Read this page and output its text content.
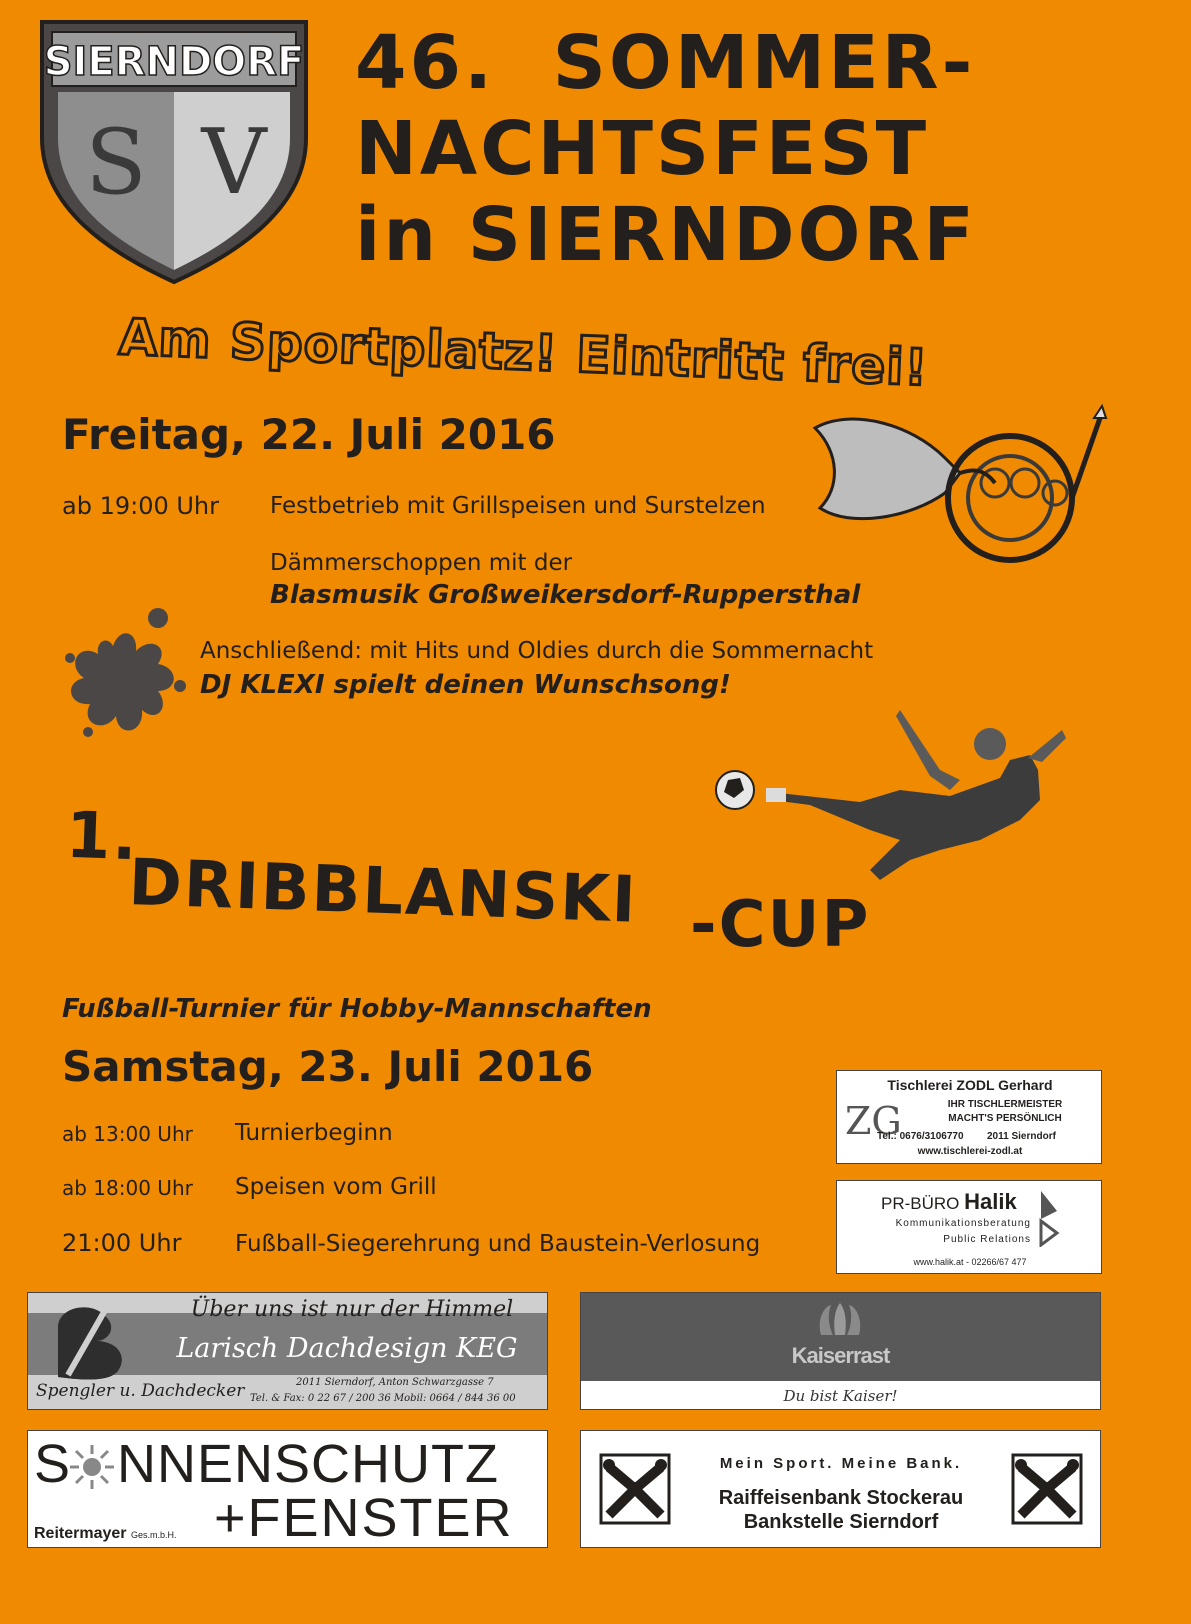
SIERNDORF
S V
46.  SOMMER-
NACHTSFEST
in SIERNDORF
Am Sportplatz! Eintritt frei!
Freitag, 22. Juli 2016
ab 19:00 Uhr Festbetrieb mit Grillspeisen und Surstelzen
Dämmerschoppen mit der
Blasmusik Großweikersdorf-Ruppersthal
Anschließend: mit Hits und Oldies durch die Sommernacht
DJ KLEXI spielt deinen Wunschsong!
1.
DRIBBLANSKI -CUP
Fußball-Turnier für Hobby-Mannschaften
Samstag, 23. Juli 2016
ab 13:00 Uhr Turnierbeginn
ab 18:00 Uhr Speisen vom Grill
21:00 Uhr Fußball-Siegerehrung und Baustein-Verlosung
Tischlerei ZODL Gerhard
ZG	IHR TISCHLERMEISTER
MACHT'S PERSÖNLICH
Tel.: 0676/3106770 2011 Sierndorf
www.tischlerei-zodl.at
PR-BÜRO Halik
Kommunikationsberatung
Public Relations
www.halik.at - 02266/67 477
Über uns ist nur der Himmel
Larisch Dachdesign KEG
Spengler u. Dachdecker	2011 Sierndorf, Anton Schwarzgasse 7
Tel. & Fax: 0 22 67 / 200 36 Mobil: 0664 / 844 36 00
Kaiserrast
Du bist Kaiser!
S NNENSCHUTZ
+FENSTER
Reitermayer Ges.m.b.H.
Mein Sport. Meine Bank.
Raiffeisenbank Stockerau
Bankstelle Sierndorf
